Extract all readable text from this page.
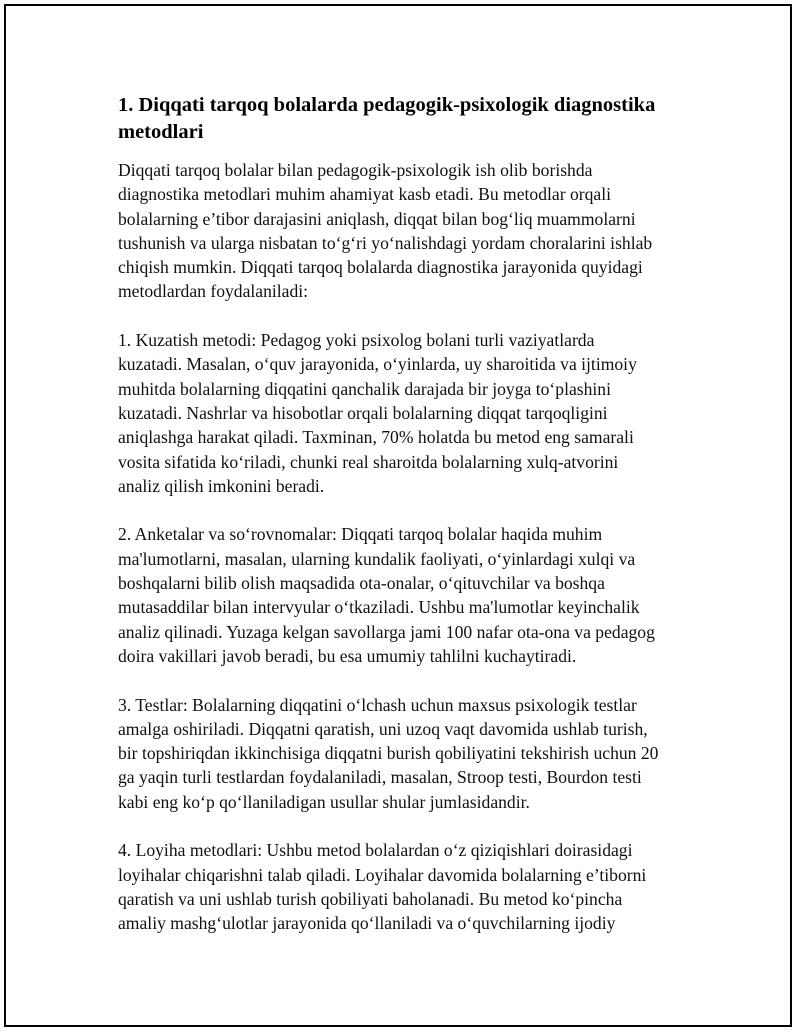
1. Diqqati tarqoq bolalarda pedagogik-psixologik diagnostika
metodlari
Diqqati tarqoq bolalar bilan pedagogik-psixologik ish olib borishda
diagnostika metodlari muhim ahamiyat kasb etadi. Bu metodlar orqali
bolalarning e’tibor darajasini aniqlash, diqqat bilan bog‘liq muammolarni
tushunish va ularga nisbatan to‘g‘ri yo‘nalishdagi yordam choralarini ishlab
chiqish mumkin. Diqqati tarqoq bolalarda diagnostika jarayonida quyidagi
metodlardan foydalaniladi:
1. Kuzatish metodi: Pedagog yoki psixolog bolani turli vaziyatlarda
kuzatadi. Masalan, o‘quv jarayonida, o‘yinlarda, uy sharoitida va ijtimoiy
muhitda bolalarning diqqatini qanchalik darajada bir joyga to‘plashini
kuzatadi. Nashrlar va hisobotlar orqali bolalarning diqqat tarqoqligini
aniqlashga harakat qiladi. Taxminan, 70% holatda bu metod eng samarali
vosita sifatida ko‘riladi, chunki real sharoitda bolalarning xulq-atvorini
analiz qilish imkonini beradi.
2. Anketalar va so‘rovnomalar: Diqqati tarqoq bolalar haqida muhim
ma'lumotlarni, masalan, ularning kundalik faoliyati, o‘yinlardagi xulqi va
boshqalarni bilib olish maqsadida ota-onalar, o‘qituvchilar va boshqa
mutasaddilar bilan intervyular o‘tkaziladi. Ushbu ma'lumotlar keyinchalik
analiz qilinadi. Yuzaga kelgan savollarga jami 100 nafar ota-ona va pedagog
doira vakillari javob beradi, bu esa umumiy tahlilni kuchaytiradi.
3. Testlar: Bolalarning diqqatini o‘lchash uchun maxsus psixologik testlar
amalga oshiriladi. Diqqatni qaratish, uni uzoq vaqt davomida ushlab turish,
bir topshiriqdan ikkinchisiga diqqatni burish qobiliyatini tekshirish uchun 20
ga yaqin turli testlardan foydalaniladi, masalan, Stroop testi, Bourdon testi
kabi eng ko‘p qo‘llaniladigan usullar shular jumlasidandir.
4. Loyiha metodlari: Ushbu metod bolalardan o‘z qiziqishlari doirasidagi
loyihalar chiqarishni talab qiladi. Loyihalar davomida bolalarning e’tiborni
qaratish va uni ushlab turish qobiliyati baholanadi. Bu metod ko‘pincha
amaliy mashg‘ulotlar jarayonida qo‘llaniladi va o‘quvchilarning ijodiy
